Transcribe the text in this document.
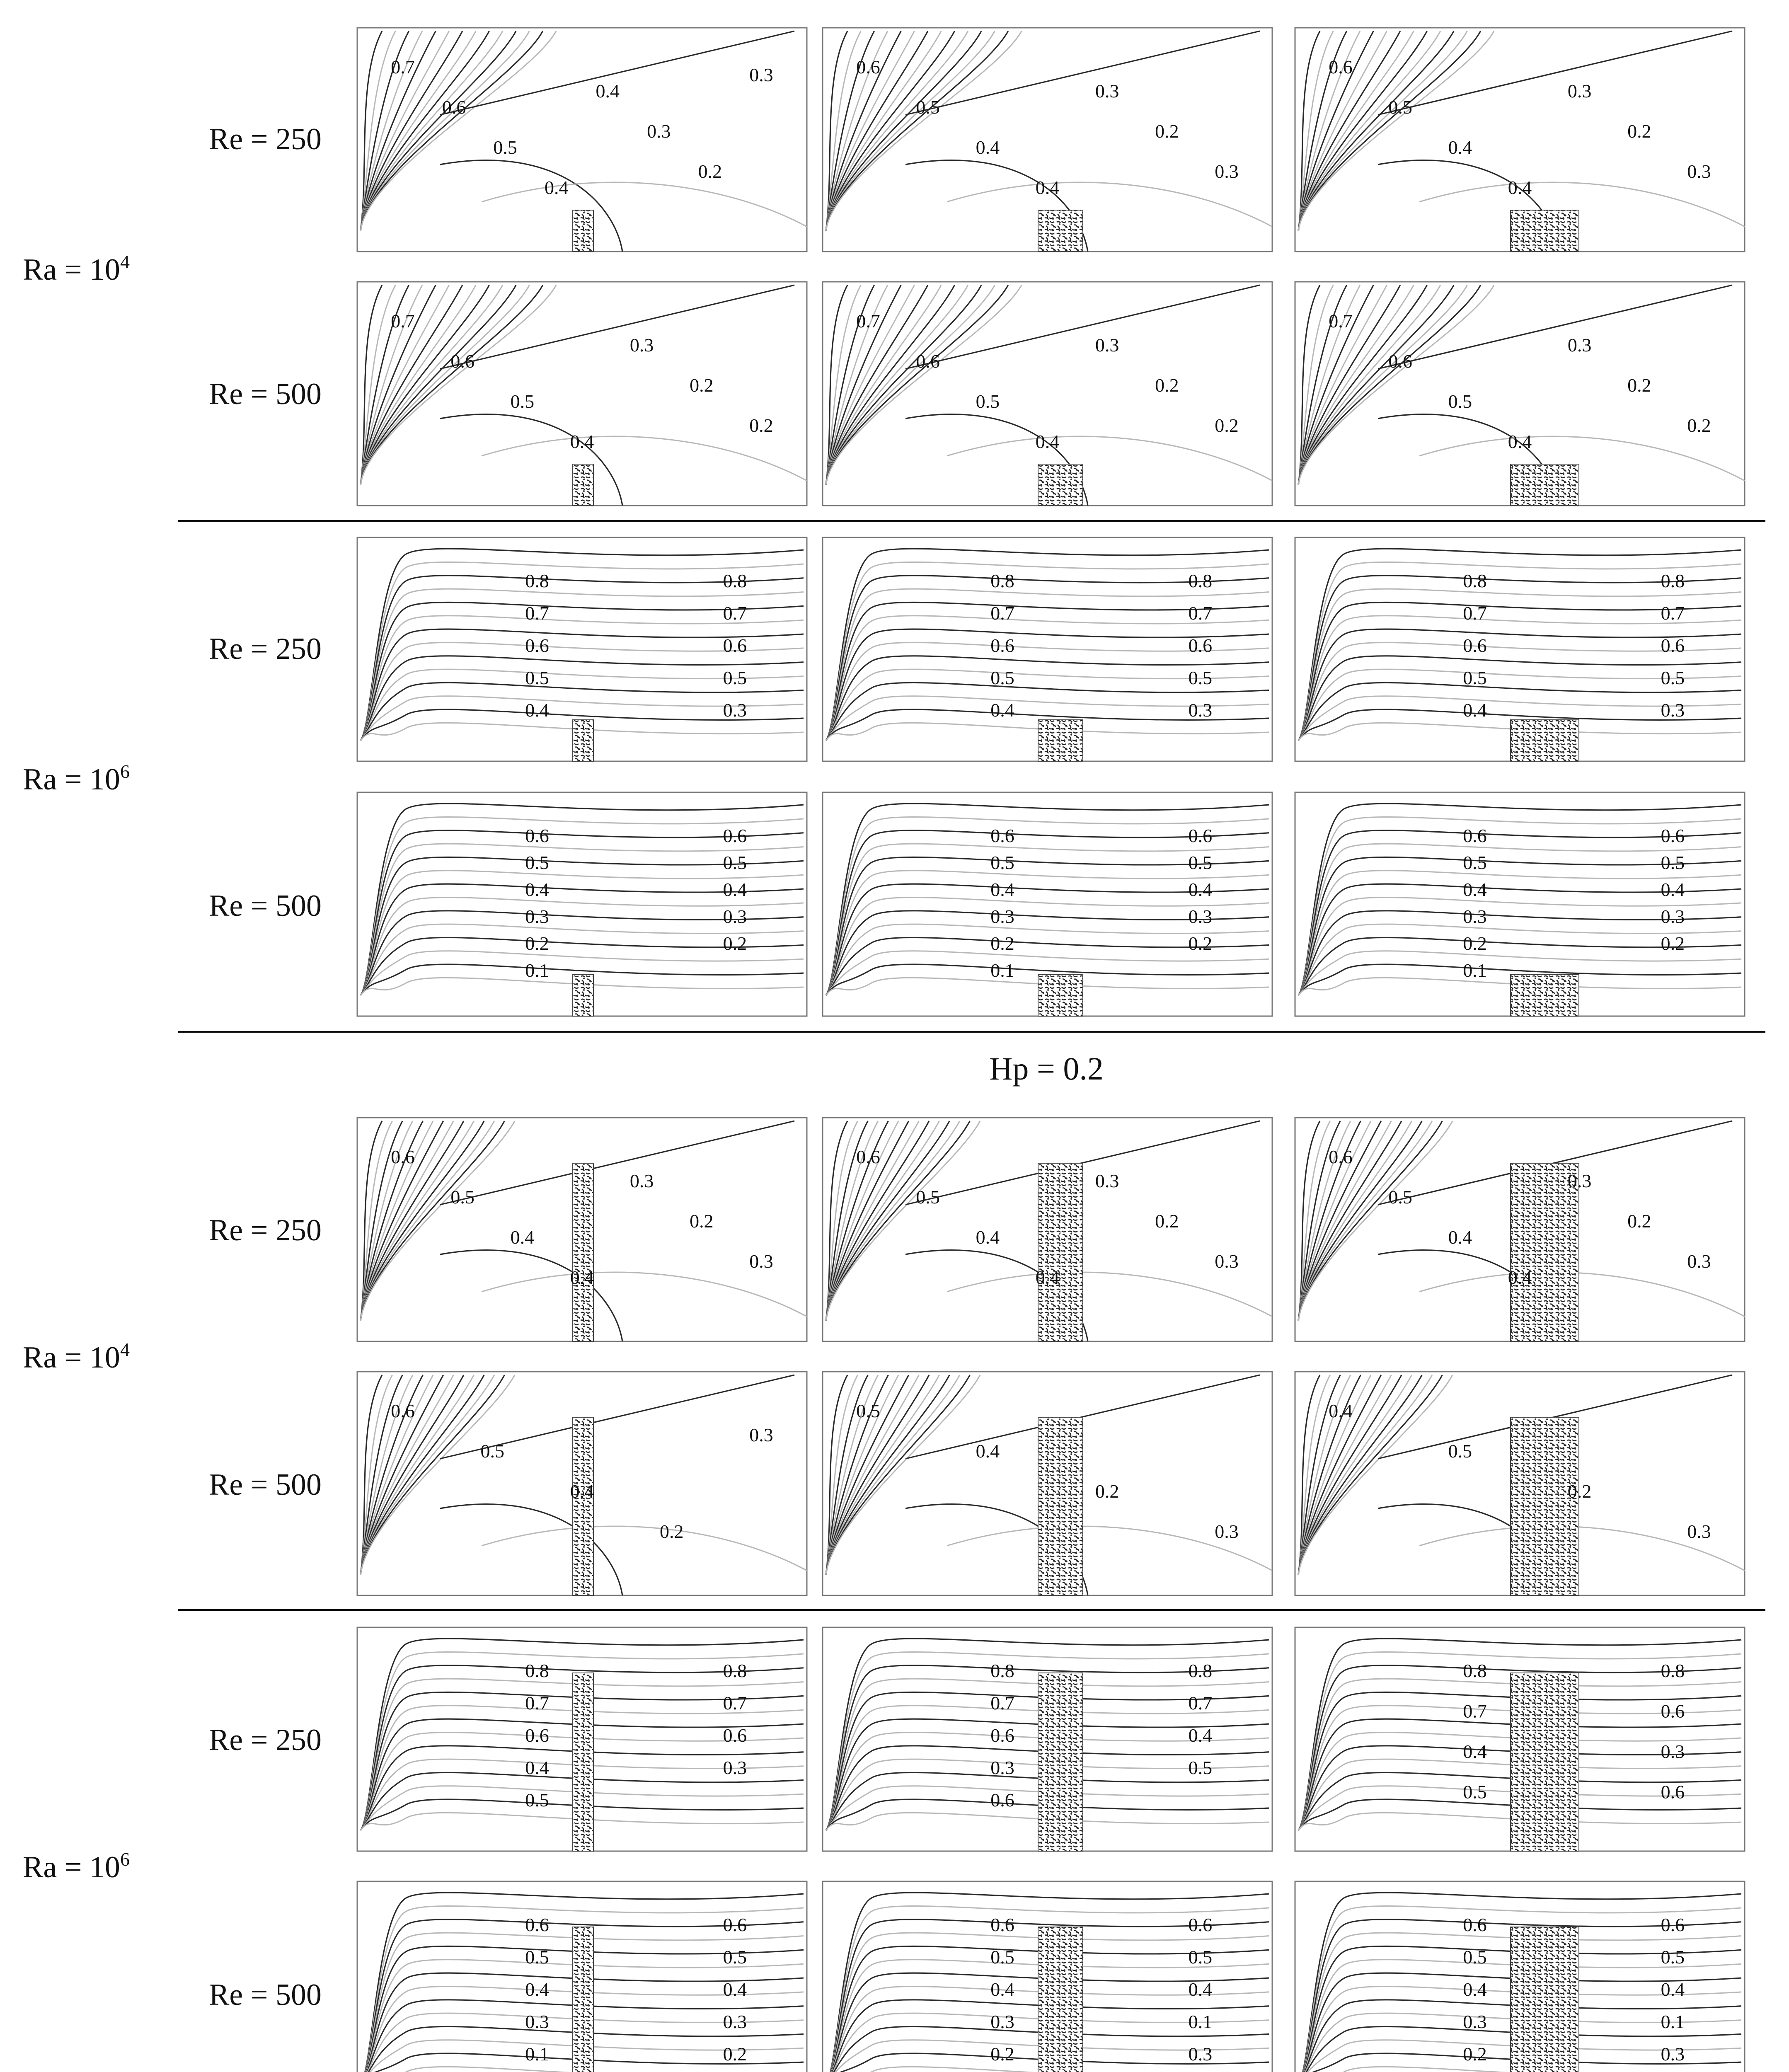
0.7
0.6
0.5
0.4
0.4
0.3
0.2
0.3	0.6
0.5
0.4
0.4
0.3
0.2
0.3
0.6
0.5
0.4
0.4
0.3
0.2
0.3
0.7
0.6
0.5
0.4
0.3
0.2
0.2
0.7
0.6
0.5
0.4
0.3
0.2
0.2
0.7
0.6
0.5
0.4
0.3
0.2
0.2
0.8	0.8
0.7	0.7
0.6	0.6
0.5	0.5
0.4	0.3
0.8	0.8
0.7	0.7
0.6	0.6
0.5	0.5
0.4	0.3
0.8	0.8
0.7	0.7
0.6	0.6
0.5	0.5
0.4	0.3
0.6	0.6
0.5	0.5
0.4	0.4
0.3	0.3
0.2	0.2
0.1
0.6	0.6
0.5	0.5
0.4	0.4
0.3	0.3
0.2	0.2
0.1
0.6	0.6
0.5	0.5
0.4	0.4
0.3	0.3
0.2	0.2
0.1
0.6
0.5
0.4
0.4
0.3
0.2
0.3
0.6
0.5
0.4
0.4
0.3
0.2
0.3
0.6
0.5
0.4
0.4
0.3
0.2
0.3
0.6
0.5
0.4
0.2
0.3
0.5
0.4
0.2
0.3
0.4
0.5
0.2
0.3
0.8	0.8
0.7	0.7
0.6	0.6
0.4	0.3
0.5
0.8	0.8
0.7	0.7
0.6	0.4
0.3	0.5
0.6
0.8	0.8
0.7	0.6
0.4	0.3
0.5	0.6
0.6	0.6
0.5	0.5
0.4	0.4
0.3	0.3
0.1	0.2
0.6	0.6
0.5	0.5
0.4	0.4
0.3	0.1
0.2	0.3
0.6	0.6
0.5	0.5
0.4	0.4
0.3	0.1
0.2	0.3
Re = 250
Re = 500
Re = 250
Re = 500
Re = 250
Re = 500
Re = 250
Re = 500
$Ra = 10^4$
$Ra = 10^6$
$Ra = 10^4$
$Ra = 10^6$
Hp = 0.2
